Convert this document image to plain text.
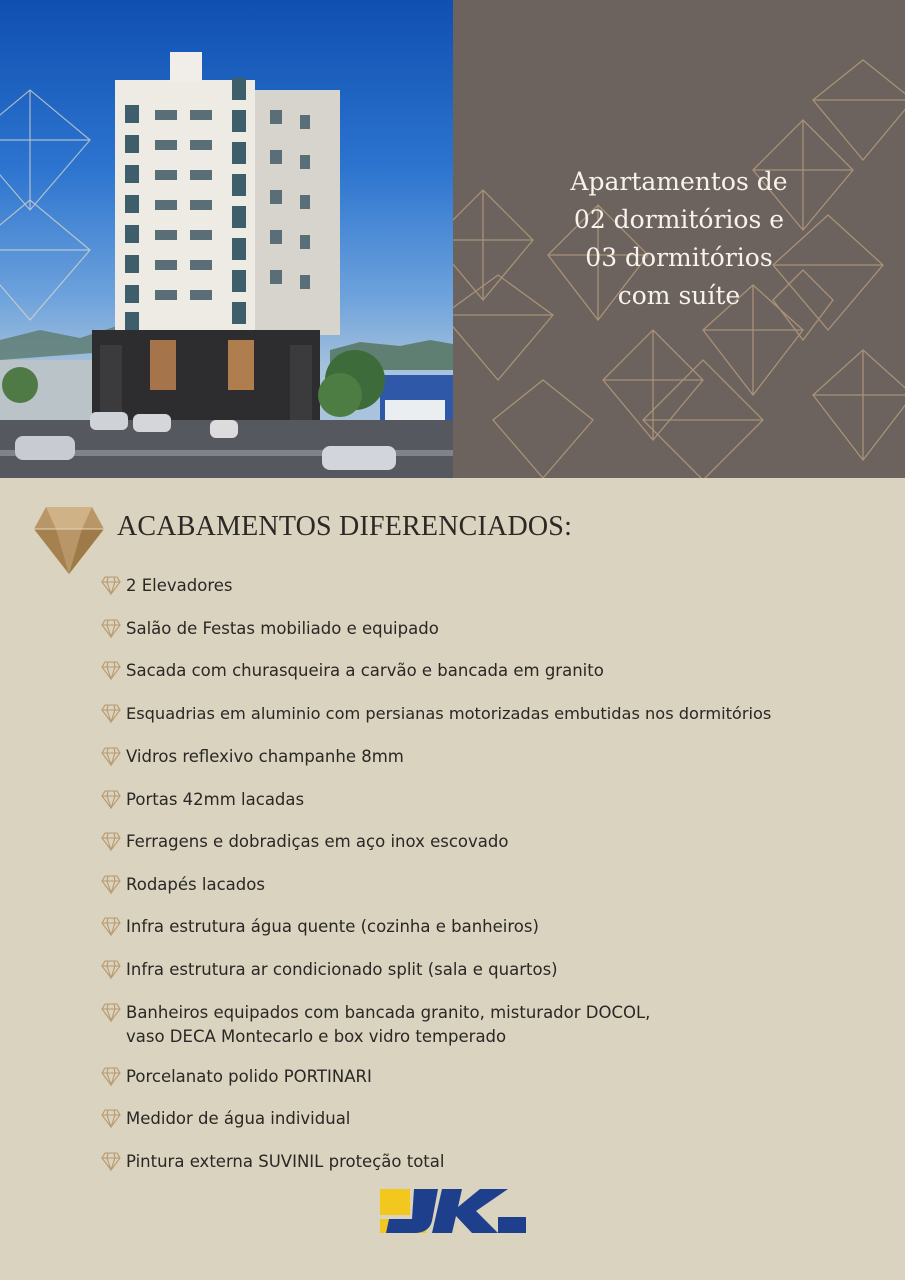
Apartamentos de
02 dormitórios e
03 dormitórios
com suíte
ACABAMENTOS DIFERENCIADOS:
2 Elevadores
Salão de Festas mobiliado e equipado
Sacada com churasqueira a carvão e bancada em granito
Esquadrias em aluminio com persianas motorizadas embutidas nos dormitórios
Vidros reflexivo champanhe 8mm
Portas 42mm lacadas
Ferragens e dobradiças em aço inox escovado
Rodapés lacados
Infra estrutura água quente (cozinha e banheiros)
Infra estrutura ar condicionado split (sala e quartos)
Banheiros equipados com bancada granito, misturador DOCOL,
vaso DECA Montecarlo e box vidro temperado
Porcelanato polido PORTINARI
Medidor de água individual
Pintura externa SUVINIL proteção total
